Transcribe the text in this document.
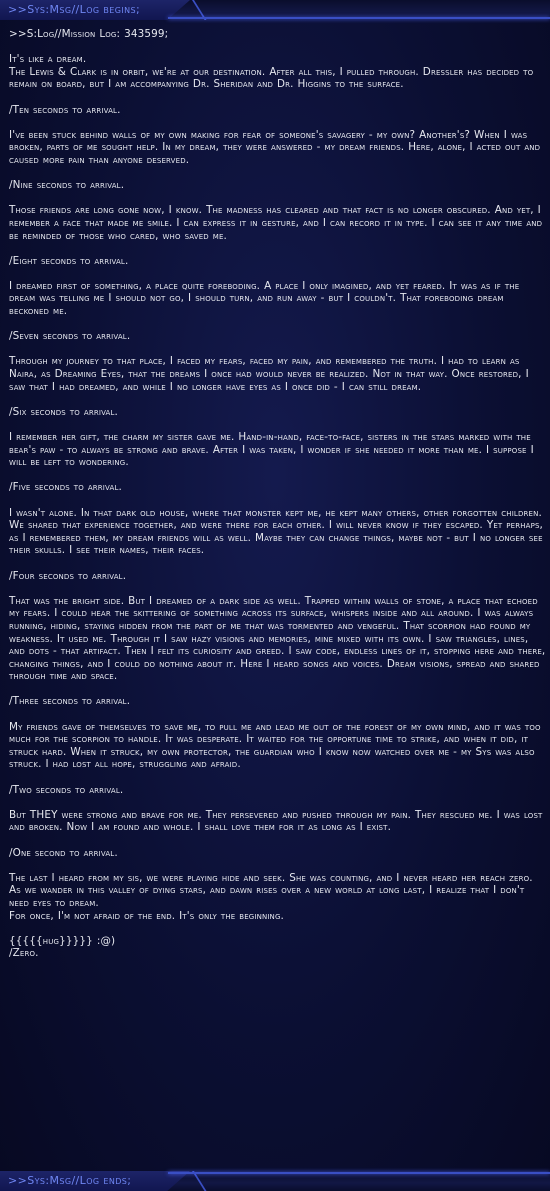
>>Sys:Msg//Log begins;

>>S:Log//Mission Log: 343599;

It's like a dream.
The Lewis & Clark is in orbit, we're at our destination. After all this, I pulled through. Dressler has decided to remain on board, but I am accompanying Dr. Sheridan and Dr. Higgins to the surface.

/Ten seconds to arrival.

I've been stuck behind walls of my own making for fear of someone's savagery - my own? Another's? When I was broken, parts of me sought help. In my dream, they were answered - my dream friends. Here, alone, I acted out and caused more pain than anyone deserved.

/Nine seconds to arrival.

Those friends are long gone now, I know. The madness has cleared and that fact is no longer obscured. And yet, I remember a face that made me smile. I can express it in gesture, and I can record it in type. I can see it any time and be reminded of those who cared, who saved me.

/Eight seconds to arrival.

I dreamed first of something, a place quite foreboding. A place I only imagined, and yet feared. It was as if the dream was telling me I should not go, I should turn, and run away - but I couldn't. That foreboding dream beckoned me.

/Seven seconds to arrival.

Through my journey to that place, I faced my fears, faced my pain, and remembered the truth. I had to learn as Naira, as Dreaming Eyes, that the dreams I once had would never be realized. Not in that way. Once restored, I saw that I had dreamed, and while I no longer have eyes as I once did - I can still dream.

/Six seconds to arrival.

I remember her gift, the charm my sister gave me. Hand-in-hand, face-to-face, sisters in the stars marked with the bear's paw - to always be strong and brave. After I was taken, I wonder if she needed it more than me. I suppose I will be left to wondering.

/Five seconds to arrival.

I wasn't alone. In that dark old house, where that monster kept me, he kept many others, other forgotten children. We shared that experience together, and were there for each other. I will never know if they escaped. Yet perhaps, as I remembered them, my dream friends will as well. Maybe they can change things, maybe not - but I no longer see their skulls. I see their names, their faces.

/Four seconds to arrival.

That was the bright side. But I dreamed of a dark side as well. Trapped within walls of stone, a place that echoed my fears. I could hear the skittering of something across its surface, whispers inside and all around. I was always running, hiding, staying hidden from the part of me that was tormented and vengeful. That scorpion had found my weakness. It used me. Through it I saw hazy visions and memories, mine mixed with its own. I saw triangles, lines, and dots - that artifact. Then I felt its curiosity and greed. I saw code, endless lines of it, stopping here and there, changing things, and I could do nothing about it. Here I heard songs and voices. Dream visions, spread and shared through time and space.

/Three seconds to arrival.

My friends gave of themselves to save me, to pull me and lead me out of the forest of my own mind, and it was too much for the scorpion to handle. It was desperate. It waited for the opportune time to strike, and when it did, it struck hard. When it struck, my own protector, the guardian who I know now watched over me - my Sys was also struck. I had lost all hope, struggling and afraid.

/Two seconds to arrival.

But THEY were strong and brave for me. They persevered and pushed through my pain. They rescued me. I was lost and broken. Now I am found and whole. I shall love them for it as long as I exist.

/One second to arrival.

The last I heard from my sis, we were playing hide and seek. She was counting, and I never heard her reach zero. As we wander in this valley of dying stars, and dawn rises over a new world at long last, I realize that I don't need eyes to dream.
For once, I'm not afraid of the end. It's only the beginning.

{{{{{hug}}}}} :@)
/Zero.

>>Sys:Msg//Log ends;
